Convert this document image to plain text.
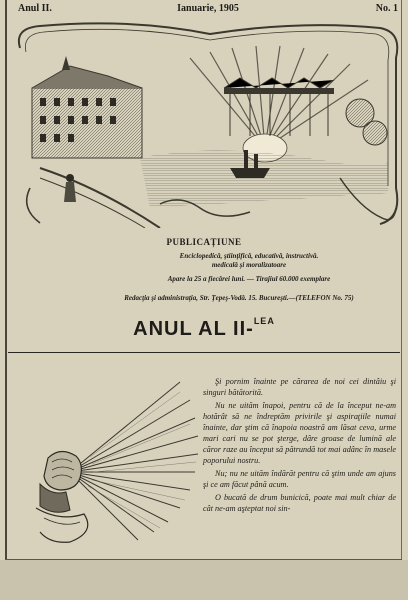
Anul II.	Ianuarie, 1905	No. 1
PUBLICAȚIUNE
Enciclopedică, ştiinţifică, educativă, instructivă.
medicală şi moralizatoare
Apare la 25 a fiecărei luni. — Tirajiul 60.000 exemplare
Redacţia şi administraţia, Str. Ţepeş-Vodă. 15. Bucureşti.—(TELEFON No. 75)
ANUL AL II-$^{LEA}$

Şi pornim înainte pe cărarea de noi cei dintâiu şi singuri bătătorită.

Nu ne uităm înapoi, pentru că de la început ne-am hotărât să ne îndreptăm privirile şi aspiraţiile numai înainte, dar ştim că înapoia noastră am lăsat ceva, urme mari cari nu se pot şterge, dâre groase de lumină ale căror raze au început să pătrundă tot mai adânc în masele poporului nostru.

Nu; nu ne uităm îndărăt pentru că ştim unde am ajuns şi ce am făcut până acum.

O bucată de drum bunicică, poate mai mult chiar de cât ne-am aşteptat noi sin-
